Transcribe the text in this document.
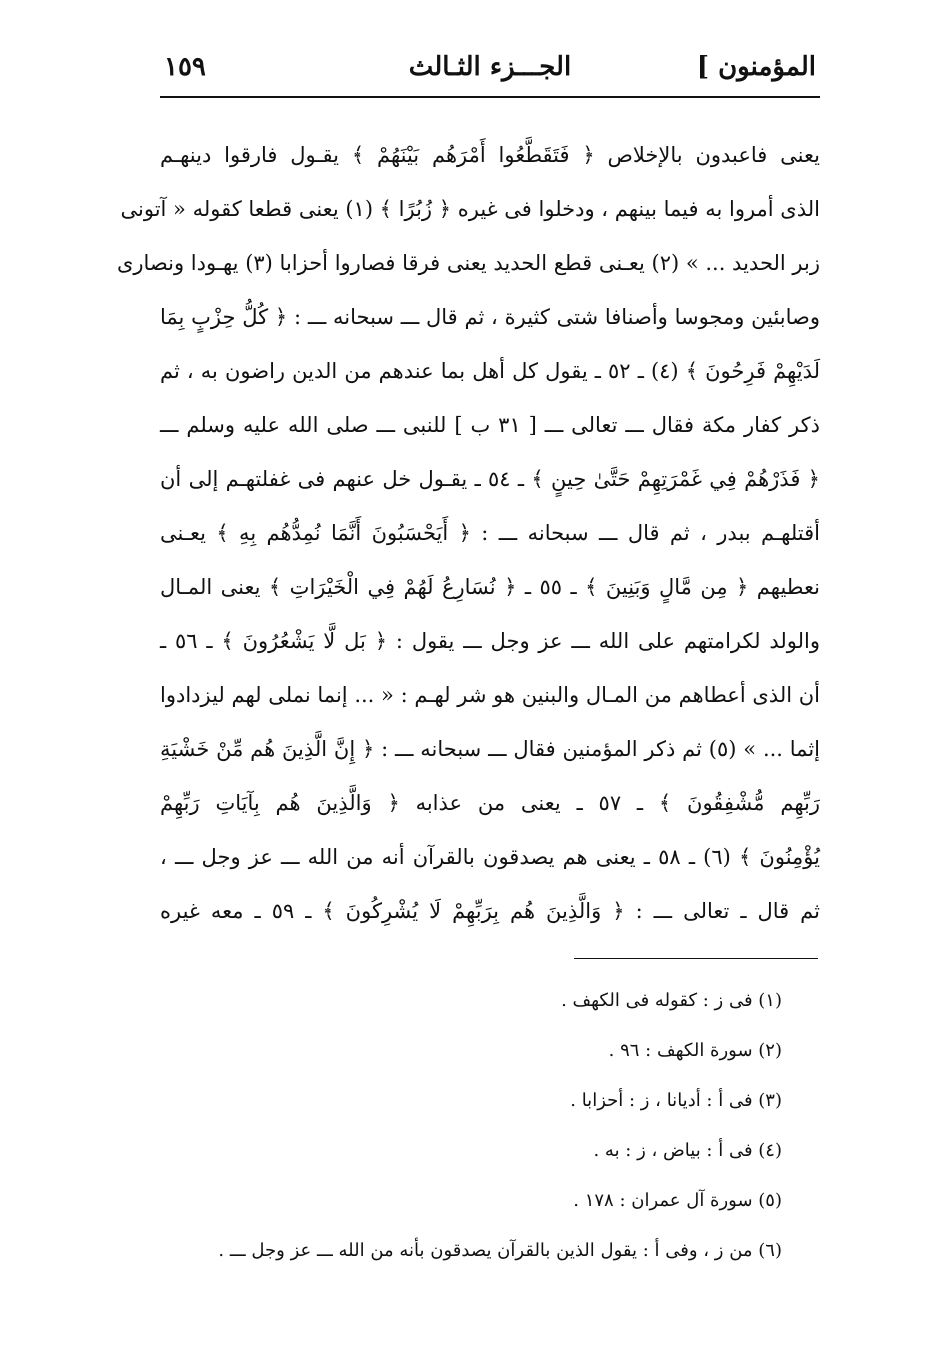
المؤمنون ]
الجـــزء الثـالث
١٥٩
يعنى فاعبدون بالإخلاص ﴿ فَتَقَطَّعُوا أَمْرَهُم بَيْنَهُمْ ﴾ يقـول فارقوا دينهـم
الذى أمروا به فيما بينهم ، ودخلوا فى غيره ﴿ زُبُرًا ﴾ (١) يعنى قطعا كقوله « آتونى
زبر الحديد ... » (٢) يعـنى قطع الحديد يعنى فرقا فصاروا أحزابا (٣) يهـودا ونصارى
وصابئين ومجوسا وأصنافا شتى كثيرة ، ثم قال ـــ سبحانه ـــ : ﴿ كُلُّ حِزْبٍ بِمَا
لَدَيْهِمْ فَرِحُونَ ﴾ (٤) ـ ٥٢ ـ يقول كل أهل بما عندهم من الدين راضون به ، ثم
ذكر كفار مكة فقال ـــ تعالى ـــ [ ٣١ ب ] للنبى ـــ صلى الله عليه وسلم ـــ
﴿ فَذَرْهُمْ فِي غَمْرَتِهِمْ حَتَّىٰ حِينٍ ﴾ ـ ٥٤ ـ يقـول خل عنهم فى غفلتهـم إلى أن
أقتلهـم ببدر ، ثم قال ـــ سبحانه ـــ : ﴿ أَيَحْسَبُونَ أَنَّمَا نُمِدُّهُم بِهِ ﴾ يعـنى
نعطيهم ﴿ مِن مَّالٍ وَبَنِينَ ﴾ ـ ٥٥ ـ ﴿ نُسَارِعُ لَهُمْ فِي الْخَيْرَاتِ ﴾ يعنى المـال
والولد لكرامتهم على الله ـــ عز وجل ـــ يقول : ﴿ بَل لَّا يَشْعُرُونَ ﴾ ـ ٥٦ ـ
أن الذى أعطاهم من المـال والبنين هو شر لهـم : « ... إنما نملى لهم ليزدادوا
إثما ... » (٥) ثم ذكر المؤمنين فقال ـــ سبحانه ـــ : ﴿ إِنَّ الَّذِينَ هُم مِّنْ خَشْيَةِ
رَبِّهِم مُّشْفِقُونَ ﴾ ـ ٥٧ ـ يعنى من عذابه ﴿ وَالَّذِينَ هُم بِآيَاتِ رَبِّهِمْ
يُؤْمِنُونَ ﴾ (٦) ـ ٥٨ ـ يعنى هم يصدقون بالقرآن أنه من الله ـــ عز وجل ـــ ،
ثم قال ـ تعالى ـــ : ﴿ وَالَّذِينَ هُم بِرَبِّهِمْ لَا يُشْرِكُونَ ﴾ ـ ٥٩ ـ معه غيره
(١) فى ز : كقوله فى الكهف .
(٢) سورة الكهف : ٩٦ .
(٣) فى أ : أديانا ، ز : أحزابا .
(٤) فى أ : بياض ، ز : به .
(٥) سورة آل عمران : ١٧٨ .
(٦) من ز ، وفى أ : يقول الذين بالقرآن يصدقون بأنه من الله ـــ عز وجل ـــ .
